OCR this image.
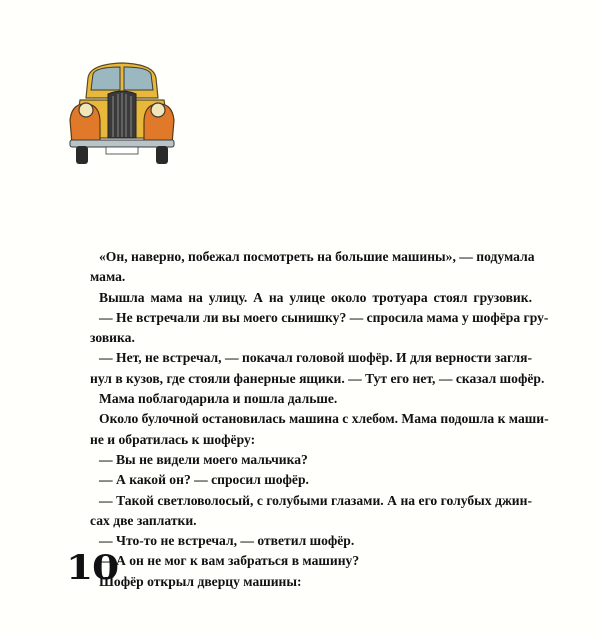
«Он, наверно, побежал посмотреть на большие машины», — подумала

мама.

Вышла мама на улицу. А на улице около тротуара стоял грузовик.

— Не встречали ли вы моего сынишку? — спросила мама у шофёра гру-

зовика.

— Нет, не встречал, — покачал головой шофёр. И для верности загля-

нул в кузов, где стояли фанерные ящики. — Тут его нет, — сказал шофёр.

Мама поблагодарила и пошла дальше.

Около булочной остановилась машина с хлебом. Мама подошла к маши-

не и обратилась к шофёру:

— Вы не видели моего мальчика?

— А какой он? — спросил шофёр.

— Такой светловолосый, с голубыми глазами. А на его голубых джин-

сах две заплатки.

— Что-то не встречал, — ответил шофёр.

— А он не мог к вам забраться в машину?

Шофёр открыл дверцу машины:

10
